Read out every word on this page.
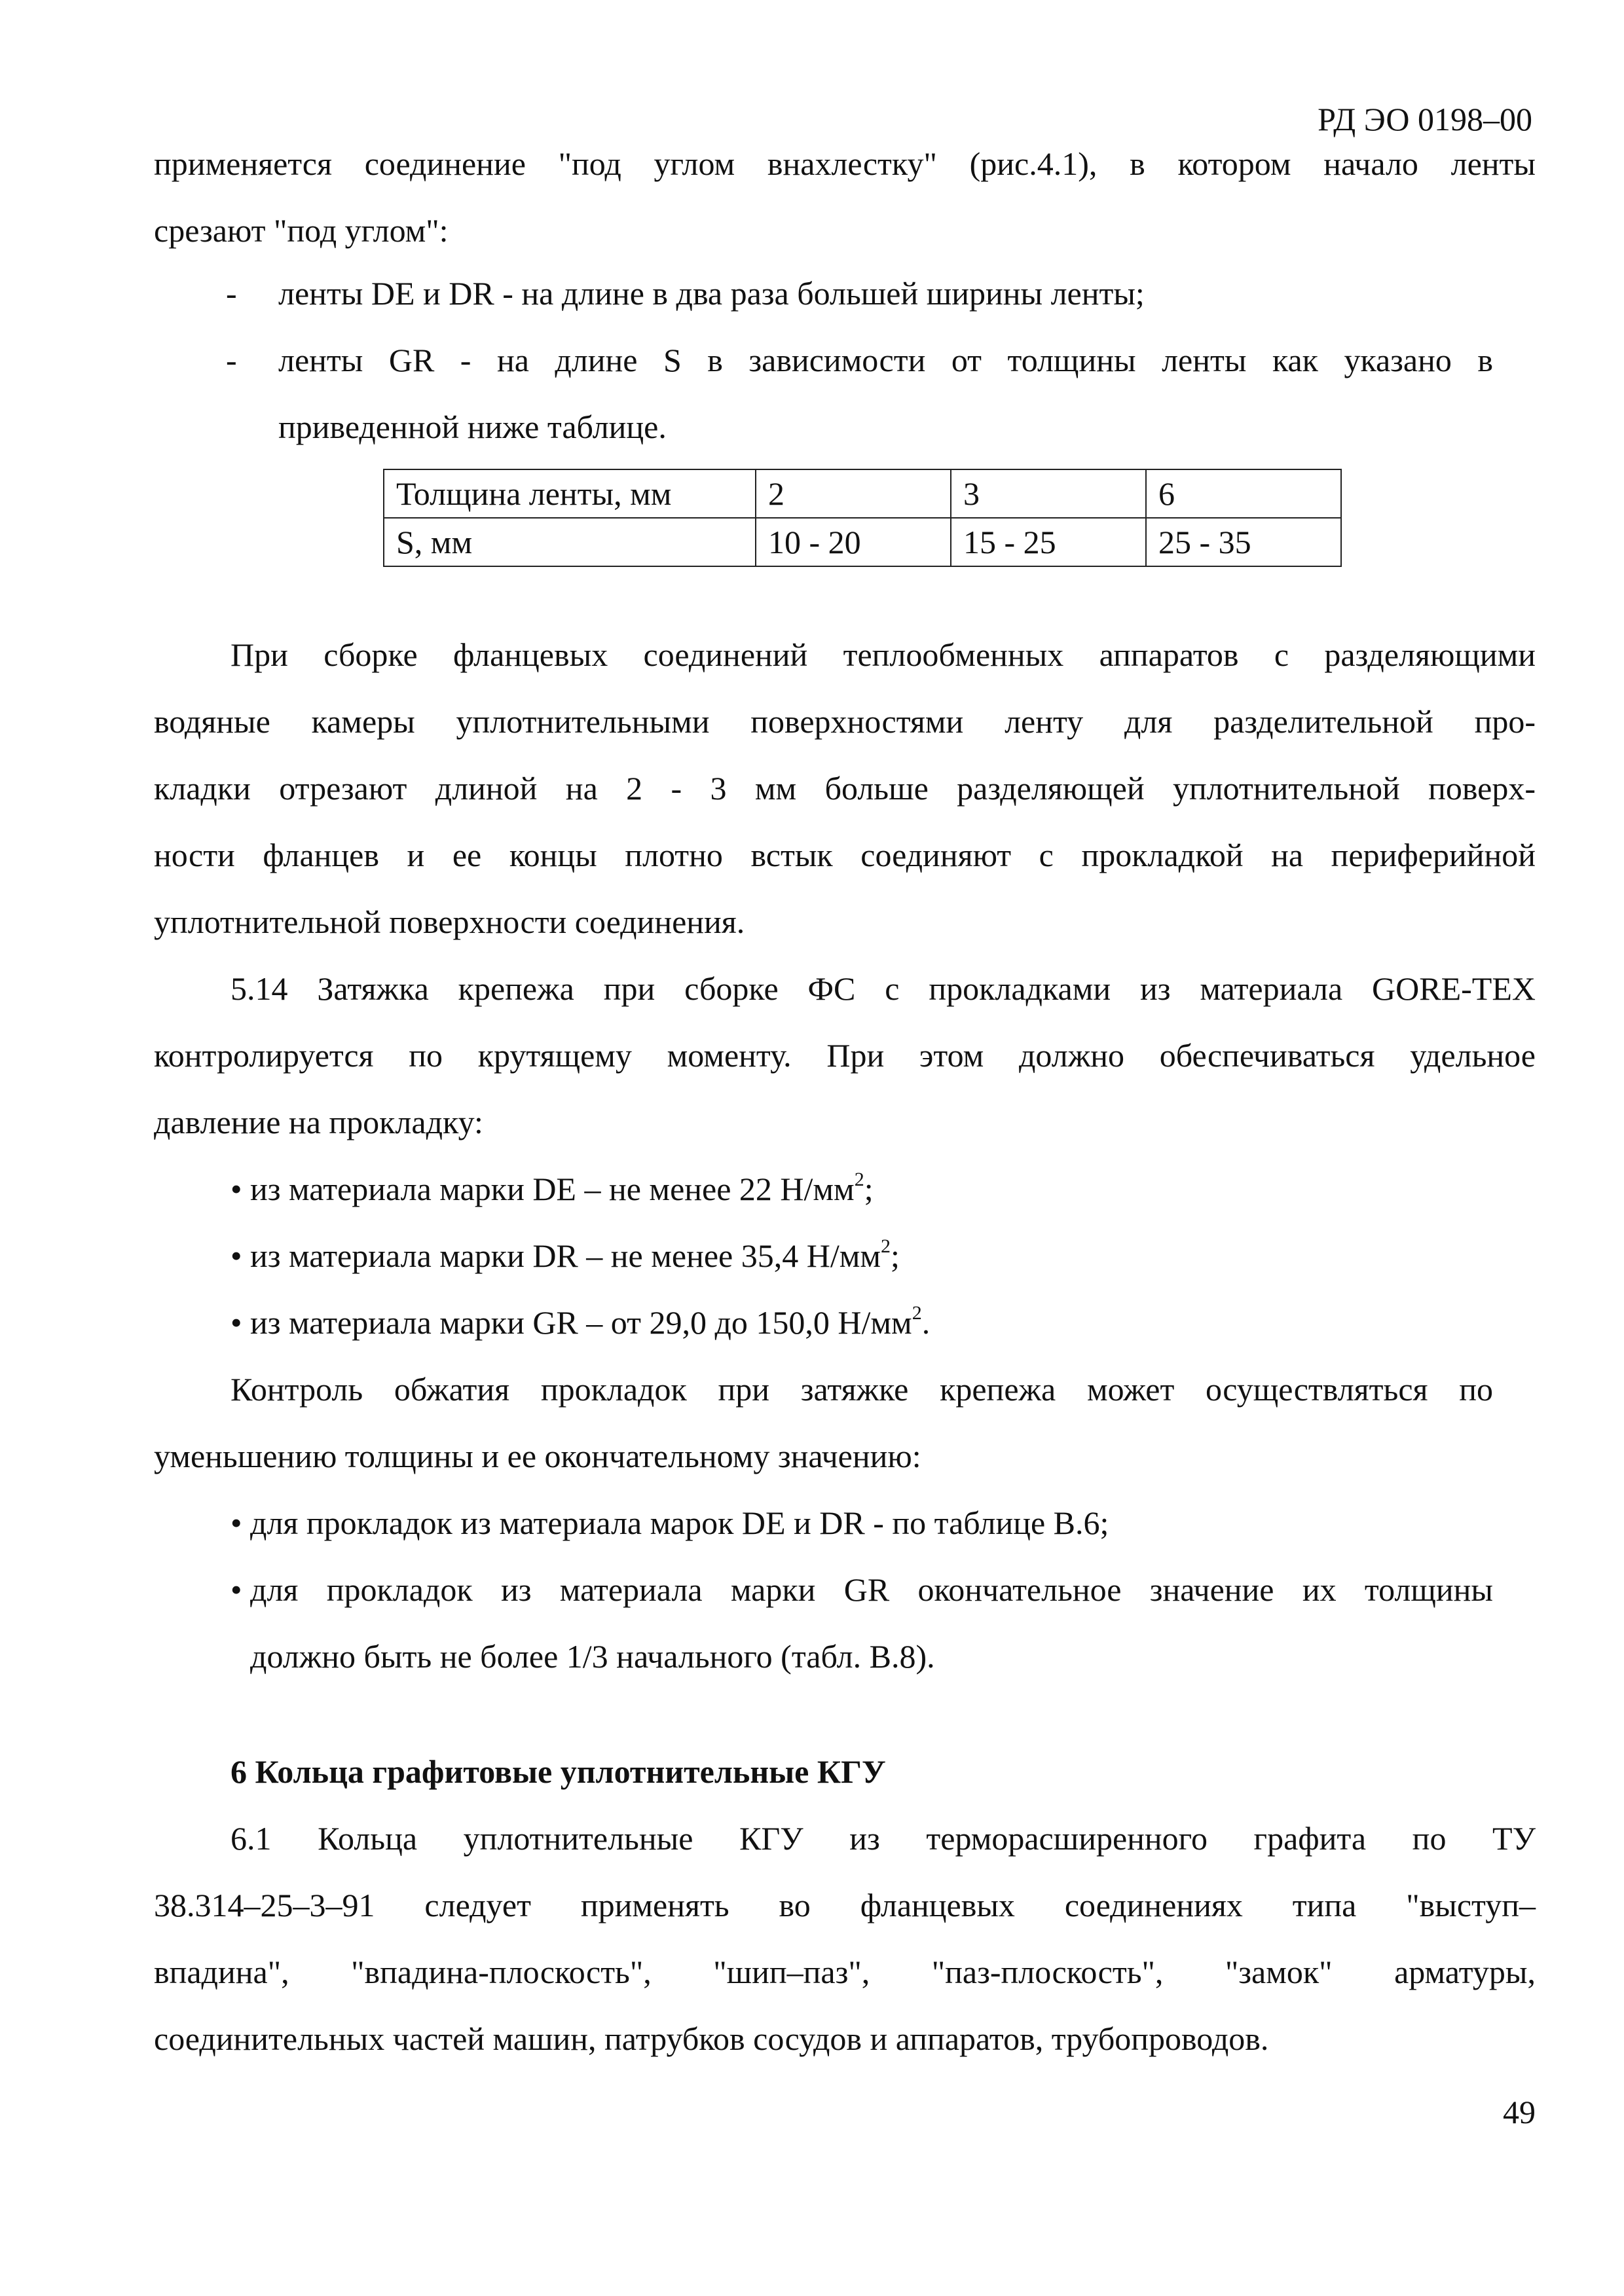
РД ЭО 0198–00

применяется соединение "под углом внахлестку" (рис.4.1), в котором начало ленты

срезают "под углом":

- ленты DE и DR - на длине в два раза большей ширины ленты;

- ленты GR - на длине S в зависимости от толщины ленты как указано в

приведенной ниже таблице.

Толщина ленты, мм	2	3	6
S, мм	10 - 20	15 - 25	25 - 35

При сборке фланцевых соединений теплообменных аппаратов с разделяющими

водяные камеры уплотнительными поверхностями ленту для разделительной про-

кладки отрезают длиной на 2 - 3 мм больше разделяющей уплотнительной поверх-

ности фланцев и ее концы плотно встык соединяют с прокладкой на периферийной

уплотнительной поверхности соединения.

5.14 Затяжка крепежа при сборке ФС с прокладками из материала GORE-TEX

контролируется по крутящему моменту. При этом должно обеспечиваться удельное

давление на прокладку:

• из материала марки DE – не менее 22 $Н/мм^2$;

• из материала марки DR – не менее 35,4 $Н/мм^2$;

• из материала марки GR – от 29,0 до 150,0 $Н/мм^2$.

Контроль обжатия прокладок при затяжке крепежа может осуществляться по

уменьшению толщины и ее окончательному значению:

• для прокладок из материала марок DE и DR - по таблице В.6;

• для прокладок из материала марки GR окончательное значение их толщины

должно быть не более 1/3 начального (табл. В.8).

6 Кольца графитовые уплотнительные КГУ

6.1 Кольца уплотнительные КГУ из терморасширенного графита по ТУ

38.314–25–3–91 следует применять во фланцевых соединениях типа "выступ–

впадина", "впадина-плоскость", "шип–паз", "паз-плоскость", "замок" арматуры,

соединительных частей машин, патрубков сосудов и аппаратов, трубопроводов.

49
